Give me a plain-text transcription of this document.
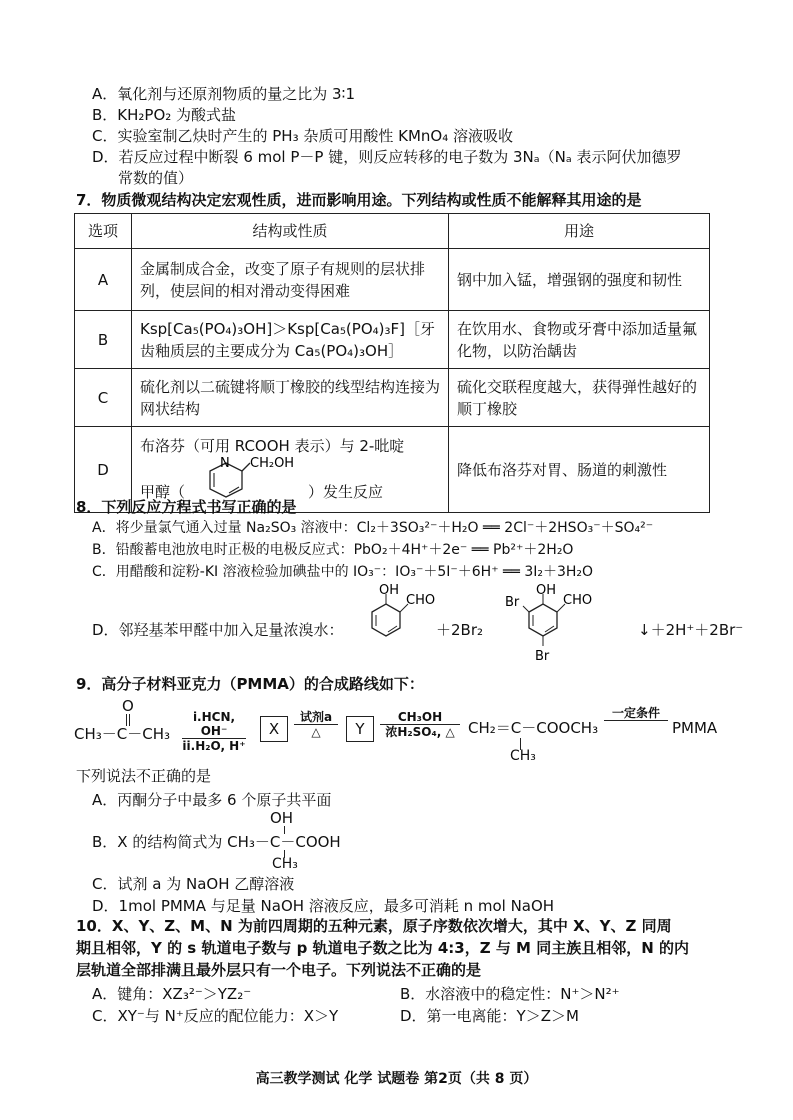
A．氧化剂与还原剂物质的量之比为 3∶1
B．KH₂PO₂ 为酸式盐
C．实验室制乙炔时产生的 PH₃ 杂质可用酸性 KMnO₄ 溶液吸收
D．若反应过程中断裂 6 mol P－P 键，则反应转移的电子数为 3Nₐ（Nₐ 表示阿伏加德罗
常数的值）
7．物质微观结构决定宏观性质，进而影响用途。下列结构或性质不能解释其用途的是
选项	结构或性质	用途
A	金属制成合金，改变了原子有规则的层状排列，使层间的相对滑动变得困难	钢中加入锰，增强钢的强度和韧性
B	Ksp[Ca₅(PO₄)₃OH]＞Ksp[Ca₅(PO₄)₃F]［牙齿釉质层的主要成分为 Ca₅(PO₄)₃OH］	在饮用水、食物或牙膏中添加适量氟化物，以防治龋齿
C	硫化剂以二硫键将顺丁橡胶的线型结构连接为网状结构	硫化交联程度越大，获得弹性越好的顺丁橡胶
D	布洛芬（可用 RCOOH 表示）与 2-吡啶
甲醇（
N CH₂OH
）发生反应	降低布洛芬对胃、肠道的刺激性
8．下列反应方程式书写正确的是
A．将少量氯气通入过量 Na₂SO₃ 溶液中：Cl₂＋3SO₃²⁻＋H₂O ══ 2Cl⁻＋2HSO₃⁻＋SO₄²⁻
B．铅酸蓄电池放电时正极的电极反应式：PbO₂＋4H⁺＋2e⁻ ══ Pb²⁺＋2H₂O
C．用醋酸和淀粉-KI 溶液检验加碘盐中的 IO₃⁻：IO₃⁻＋5I⁻＋6H⁺ ══ 3I₂＋3H₂O
D．邻羟基苯甲醛中加入足量浓溴水：
OH
CHO
＋2Br₂
OH
CHO
Br
Br
↓＋2H⁺＋2Br⁻
9．高分子材料亚克力（PMMA）的合成路线如下：
O
CH₃－C－CH₃
i.HCN, OH⁻
ii.H₂O, H⁺
X
试剂a
△	Y
CH₃OH
浓H₂SO₄, △ CH₂＝C－COOCH₃
CH₃
一定条件
PMMA
下列说法不正确的是
A．丙酮分子中最多 6 个原子共平面
OH
B．X 的结构简式为 CH₃－C－COOH
CH₃
C．试剂 a 为 NaOH 乙醇溶液
D．1mol PMMA 与足量 NaOH 溶液反应，最多可消耗 n mol NaOH
10．X、Y、Z、M、N 为前四周期的五种元素，原子序数依次增大，其中 X、Y、Z 同周
期且相邻，Y 的 s 轨道电子数与 p 轨道电子数之比为 4:3，Z 与 M 同主族且相邻，N 的内
层轨道全部排满且最外层只有一个电子。下列说法不正确的是
A．键角：XZ₃²⁻＞YZ₂⁻	B．水溶液中的稳定性：N⁺＞N²⁺
C．XY⁻与 N⁺反应的配位能力：X＞Y	D．第一电离能：Y＞Z＞M
高三教学测试 化学 试题卷 第2页（共 8 页）
